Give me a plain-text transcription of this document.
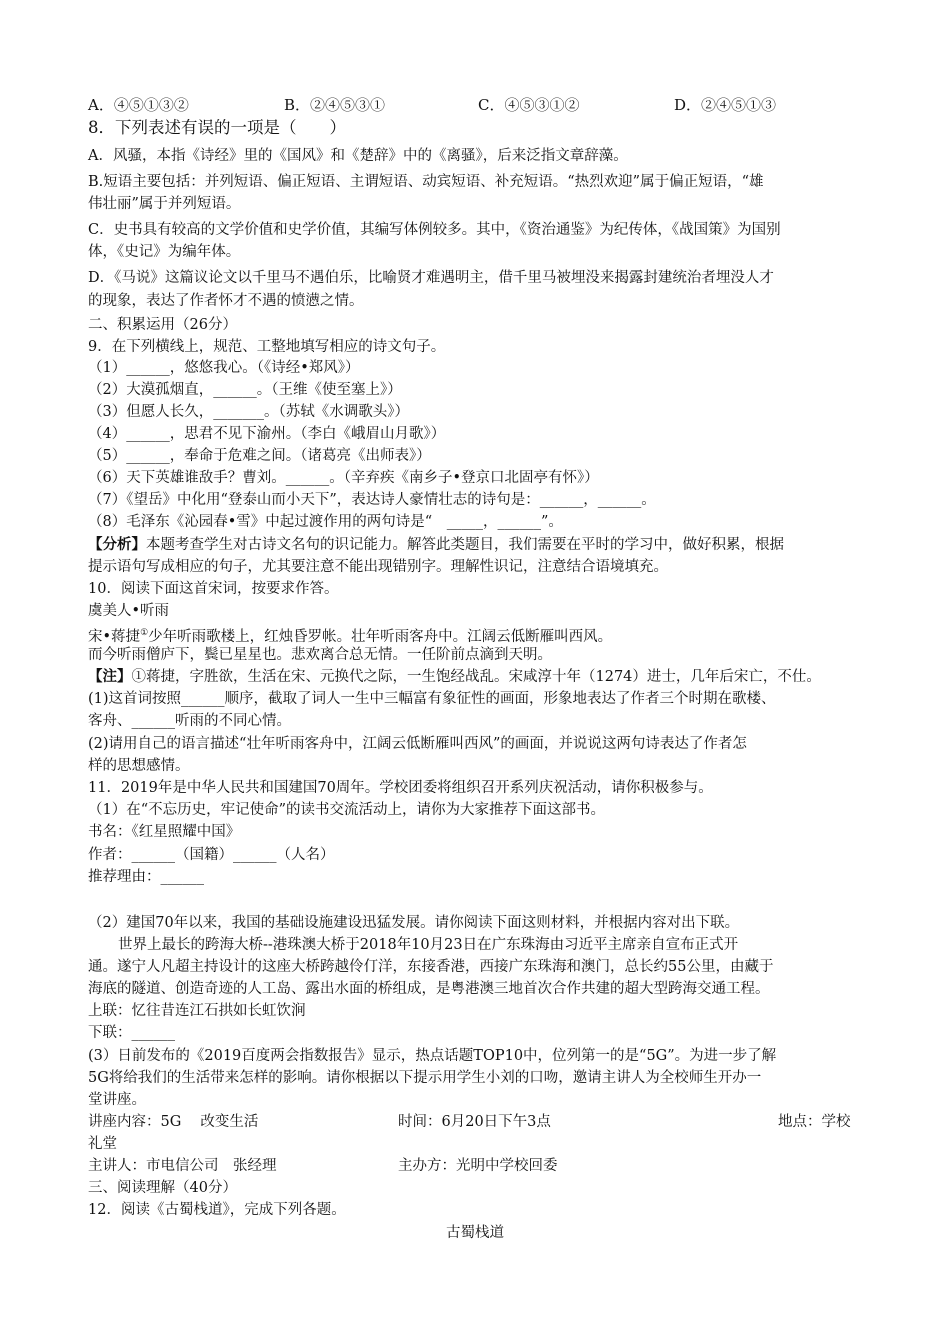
A．④⑤①③②	B．②④⑤③①	C．④⑤③①②	D．②④⑤①③
8．下列表述有误的一项是（　　）
A．风骚，本指《诗经》里的《国风》和《楚辞》中的《离骚》，后来泛指文章辞藻。
B.短语主要包括：并列短语、偏正短语、主谓短语、动宾短语、补充短语。“热烈欢迎”属于偏正短语，“雄
伟壮丽”属于并列短语。
C．史书具有较高的文学价值和史学价值，其编写体例较多。其中，《资治通鉴》为纪传体，《战国策》为国别
体，《史记》为编年体。
D．《马说》这篇议论文以千里马不遇伯乐，比喻贤才难遇明主，借千里马被埋没来揭露封建统治者埋没人才
的现象，表达了作者怀才不遇的愤懑之情。
二、积累运用（26分）
9．在下列横线上，规范、工整地填写相应的诗文句子。
（1）______，悠悠我心。（《诗经•郑风》）
（2）大漠孤烟直，______。（王维《使至塞上》）
（3）但愿人长久，_______。（苏轼《水调歌头》）
（4）______，思君不见下渝州。（李白《峨眉山月歌》）
（5）______，奉命于危难之间。（诸葛亮《出师表》）
（6）天下英雄谁敌手？曹刘。______。（辛弃疾《南乡子•登京口北固亭有怀》）
（7）《望岳》中化用“登泰山而小天下”，表达诗人豪情壮志的诗句是：______，______。
（8）毛泽东《沁园春•雪》中起过渡作用的两句诗是“　_____，______”。
【分析】本题考查学生对古诗文名句的识记能力。解答此类题目，我们需要在平时的学习中，做好积累，根据
提示语句写成相应的句子，尤其要注意不能出现错别字。理解性识记，注意结合语境填充。
10．阅读下面这首宋词，按要求作答。
虞美人•听雨
宋•蒋捷①少年听雨歌楼上，红烛昏罗帐。壮年听雨客舟中。江阔云低断雁叫西风。
而今听雨僧庐下，鬓已星星也。悲欢离合总无情。一任阶前点滴到天明。
【注】①蒋捷，字胜欲，生活在宋、元换代之际，一生饱经战乱。宋咸淳十年（1274）进士，几年后宋亡，不仕。
(1)这首词按照______顺序，截取了词人一生中三幅富有象征性的画面，形象地表达了作者三个时期在歌楼、
客舟、______听雨的不同心情。
(2)请用自己的语言描述“壮年听雨客舟中，江阔云低断雁叫西风”的画面，并说说这两句诗表达了作者怎
样的思想感情。
11．2019年是中华人民共和国建国70周年。学校团委将组织召开系列庆祝活动，请你积极参与。
（1）在“不忘历史，牢记使命”的读书交流活动上，请你为大家推荐下面这部书。
书名：《红星照耀中国》
作者：______（国籍）______（人名）
推荐理由：______
（2）建国70年以来，我国的基础设施建设迅猛发展。请你阅读下面这则材料，并根据内容对出下联。
世界上最长的跨海大桥--港珠澳大桥于2018年10月23日在广东珠海由习近平主席亲自宣布正式开
通。遂宁人凡超主持设计的这座大桥跨越伶仃洋，东接香港，西接广东珠海和澳门，总长约55公里，由藏于
海底的隧道、创造奇迹的人工岛、露出水面的桥组成，是粤港澳三地首次合作共建的超大型跨海交通工程。
上联：忆往昔连江石拱如长虹饮涧
下联：______
(3）日前发布的《2019百度两会指数报告》显示，热点话题TOP10中，位列第一的是“5G”。为进一步了解
5G将给我们的生活带来怎样的影响。请你根据以下提示用学生小刘的口吻，邀请主讲人为全校师生开办一
堂讲座。
讲座内容：5G　 改变生活	时间：6月20日下午3点	地点：学校
礼堂
主讲人：市电信公司　张经理	主办方：光明中学校回委
三、阅读理解（40分）
12．阅读《古蜀栈道》，完成下列各题。
古蜀栈道
